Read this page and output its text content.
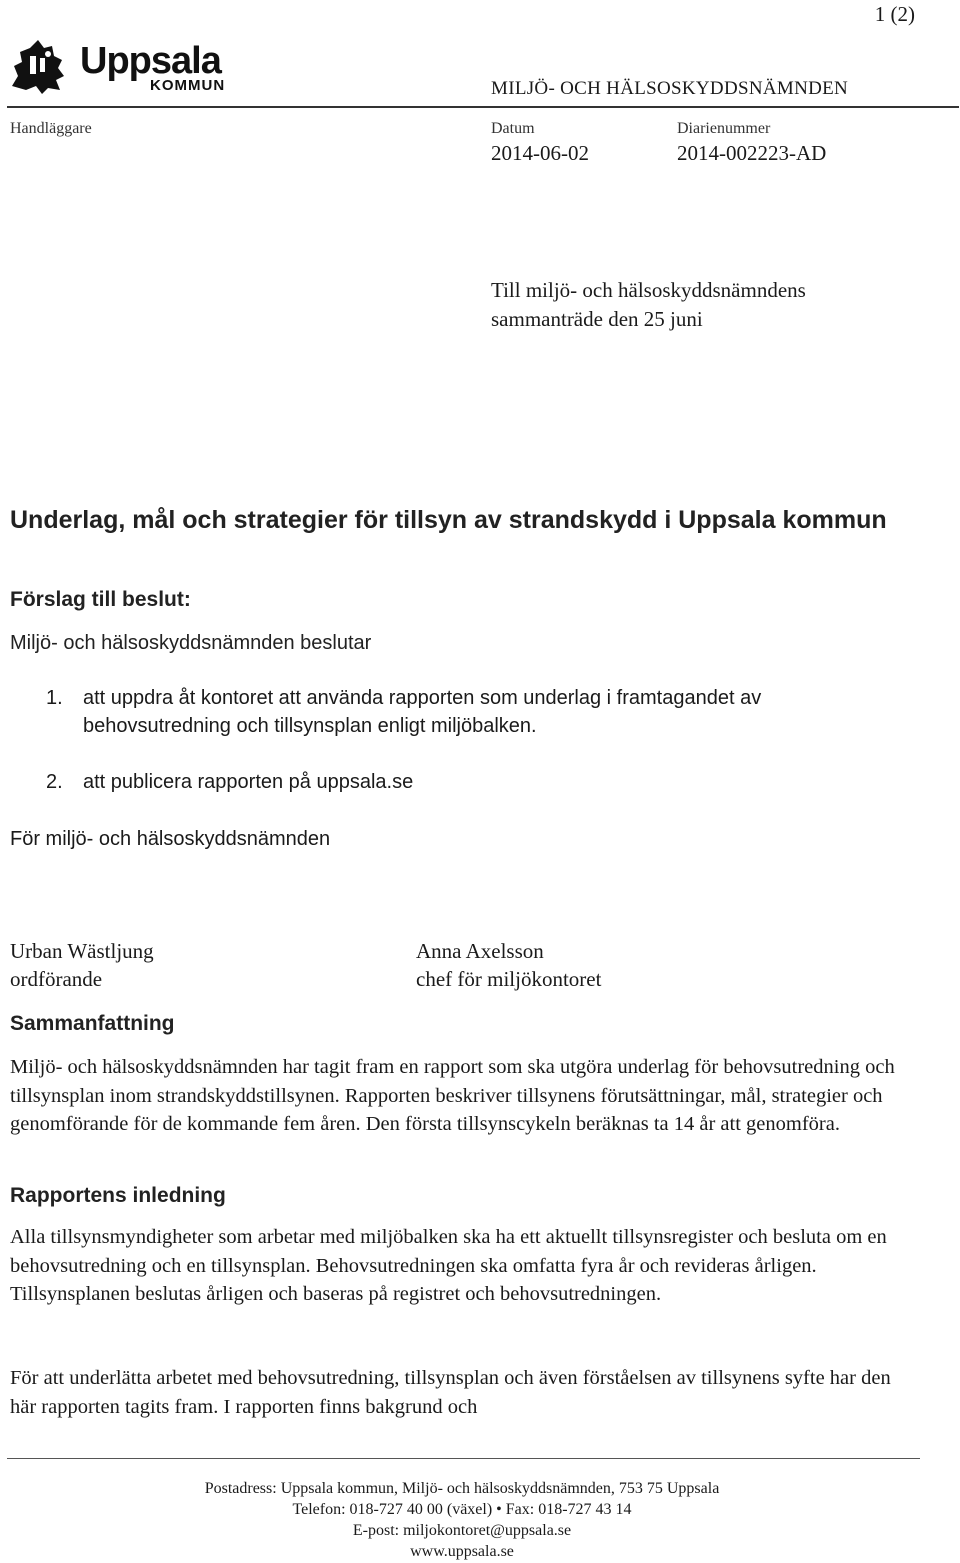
1 (2)
Uppsala
KOMMUN	MILJÖ- OCH HÄLSOSKYDDSNÄMNDEN
Handläggare	Datum
2014-06-02
Diarienummer
2014-002223-AD
Till miljö- och hälsoskyddsnämndens
sammanträde den 25 juni
Underlag, mål och strategier för tillsyn av strandskydd i Uppsala kommun
Förslag till beslut:
Miljö- och hälsoskyddsnämnden beslutar
1. att uppdra åt kontoret att använda rapporten som underlag i framtagandet av behovsutredning och tillsynsplan enligt miljöbalken.
2. att publicera rapporten på uppsala.se
För miljö- och hälsoskyddsnämnden
Urban Wästljung
ordförande
Anna Axelsson
chef för miljökontoret
Sammanfattning
Miljö- och hälsoskyddsnämnden har tagit fram en rapport som ska utgöra underlag för behovsutredning och tillsynsplan inom strandskyddstillsynen. Rapporten beskriver tillsynens förutsättningar, mål, strategier och genomförande för de kommande fem åren. Den första tillsynscykeln beräknas ta 14 år att genomföra.
Rapportens inledning
Alla tillsynsmyndigheter som arbetar med miljöbalken ska ha ett aktuellt tillsynsregister och besluta om en behovsutredning och en tillsynsplan. Behovsutredningen ska omfatta fyra år och revideras årligen. Tillsynsplanen beslutas årligen och baseras på registret och behovsutredningen.
För att underlätta arbetet med behovsutredning, tillsynsplan och även förståelsen av tillsynens syfte har den här rapporten tagits fram. I rapporten finns bakgrund och
Postadress: Uppsala kommun, Miljö- och hälsoskyddsnämnden, 753 75 Uppsala
Telefon: 018-727 40 00 (växel) • Fax: 018-727 43 14
E-post: miljokontoret@uppsala.se
www.uppsala.se
